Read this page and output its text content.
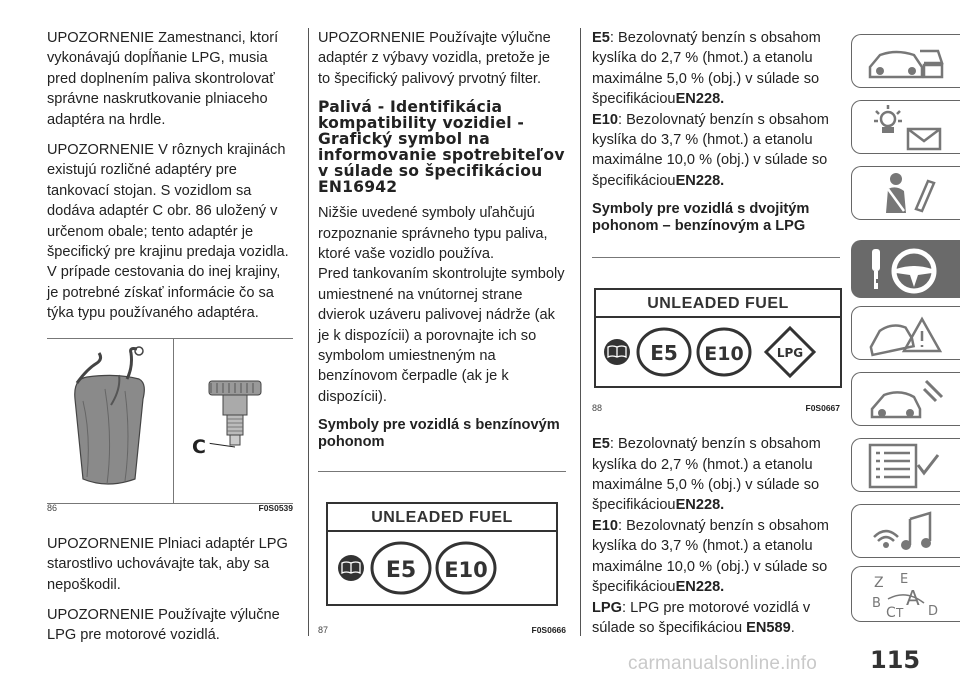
UPOZORNENIE Zamestnanci, ktorí vykonávajú dopĺňanie LPG, musia pred doplnením paliva skontrolovať správne naskrutkovanie plniaceho adaptéra na hrdle.

UPOZORNENIE V rôznych krajinách existujú rozličné adaptéry pre tankovací stojan. S vozidlom sa dodáva adaptér C obr. 86 uložený v určenom obale; tento adaptér je špecifický pre krajinu predaja vozidla. V prípade cestovania do inej krajiny, je potrebné získať informácie čo sa týka typu používaného adaptéra.

C
86	F0S0539

UPOZORNENIE Plniaci adaptér LPG starostlivo uchovávajte tak, aby sa nepoškodil.

UPOZORNENIE Používajte výlučne LPG pre motorové vozidlá.

UPOZORNENIE Používajte výlučne adaptér z výbavy vozidla, pretože je to špecifický palivový prvotný filter.

Palivá - Identifikácia kompatibility vozidiel - Grafický symbol na informovanie spotrebiteľov v súlade so špecifikáciou EN16942

Nižšie uvedené symboly uľahčujú rozpoznanie správneho typu paliva, ktoré vaše vozidlo používa.

Pred tankovaním skontrolujte symboly umiestnené na vnútornej strane dvierok uzáveru palivovej nádrže (ak je k dispozícii) a porovnajte ich so symbolom umiestneným na benzínovom čerpadle (ak je k dispozícii).

Symboly pre vozidlá s benzínovým pohonom
UNLEADED FUEL
E5 E10
87	F0S0666

E5: Bezolovnatý benzín s obsahom kyslíka do 2,7 % (hmot.) a etanolu maximálne 5,0 % (obj.) v súlade so špecifikáciouEN228.

E10: Bezolovnatý benzín s obsahom kyslíka do 3,7 % (hmot.) a etanolu maximálne 10,0 % (obj.) v súlade so špecifikáciouEN228.

Symboly pre vozidlá s dvojitým pohonom – benzínovým a LPG
UNLEADED FUEL
E5 E10	LPG
88	F0S0667

E5: Bezolovnatý benzín s obsahom kyslíka do 2,7 % (hmot.) a etanolu maximálne 5,0 % (obj.) v súlade so špecifikáciouEN228.

E10: Bezolovnatý benzín s obsahom kyslíka do 3,7 % (hmot.) a etanolu maximálne 10,0 % (obj.) v súlade so špecifikáciouEN228.

LPG: LPG pre motorové vozidlá v súlade so špecifikáciou EN589.

Z E
B A
C T D
carmanualsonline.info 115
